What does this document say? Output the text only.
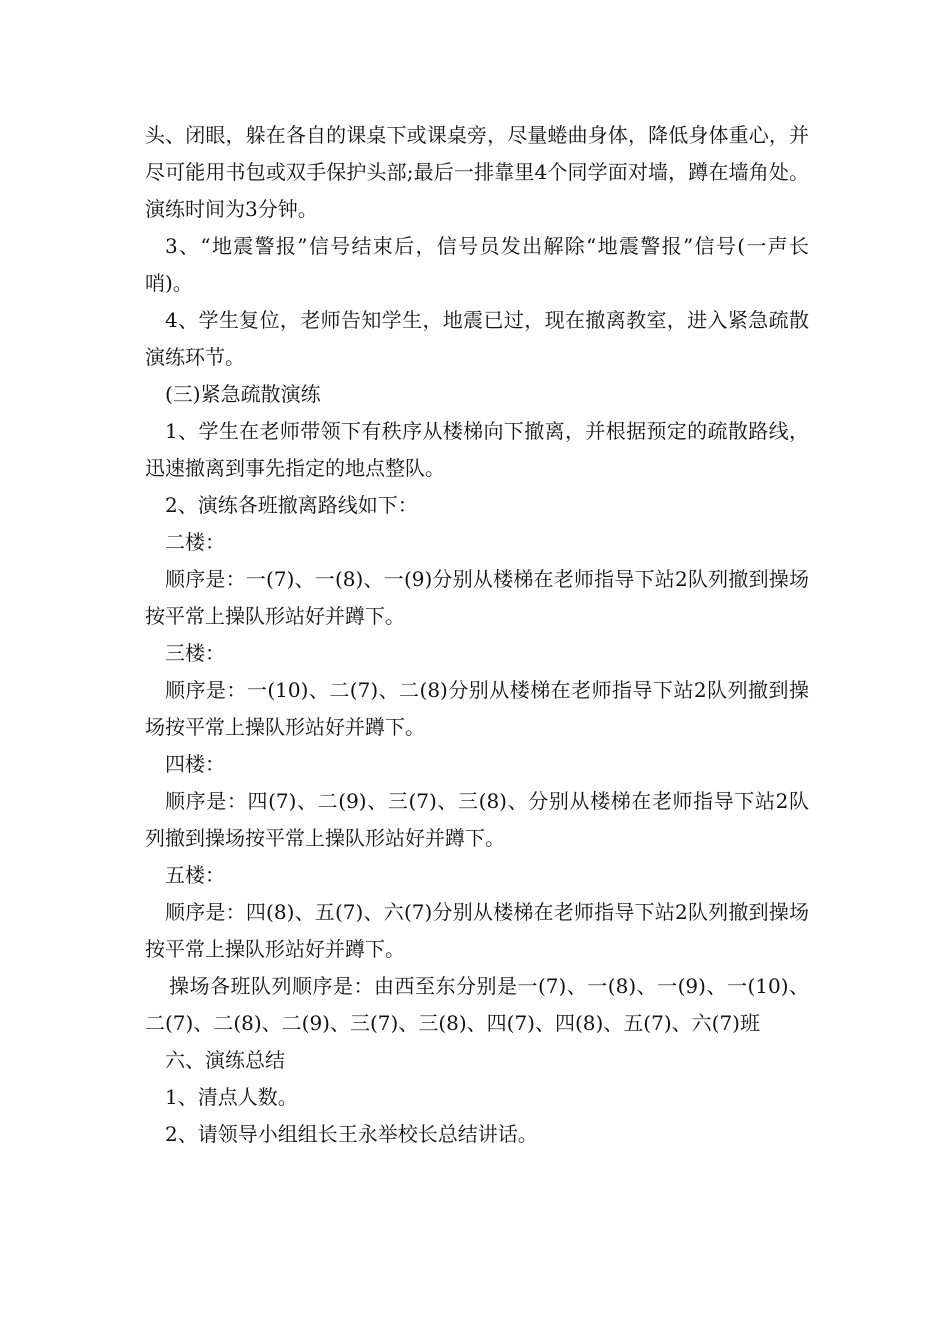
头、闭眼，躲在各自的课桌下或课桌旁，尽量蜷曲身体，降低身体重心，并尽可能用书包或双手保护头部;最后一排靠里4个同学面对墙，蹲在墙角处。演练时间为3分钟。

3、“地震警报”信号结束后，信号员发出解除“地震警报”信号(一声长哨)。

4、学生复位，老师告知学生，地震已过，现在撤离教室，进入紧急疏散演练环节。

(三)紧急疏散演练

1、学生在老师带领下有秩序从楼梯向下撤离，并根据预定的疏散路线，迅速撤离到事先指定的地点整队。

2、演练各班撤离路线如下：

二楼：

顺序是：一(7)、一(8)、一(9)分别从楼梯在老师指导下站2队列撤到操场按平常上操队形站好并蹲下。

三楼：

顺序是：一(10)、二(7)、二(8)分别从楼梯在老师指导下站2队列撤到操场按平常上操队形站好并蹲下。

四楼：

顺序是：四(7)、二(9)、三(7)、三(8)、分别从楼梯在老师指导下站2队列撤到操场按平常上操队形站好并蹲下。

五楼：

顺序是：四(8)、五(7)、六(7)分别从楼梯在老师指导下站2队列撤到操场按平常上操队形站好并蹲下。

操场各班队列顺序是：由西至东分别是一(7)、一(8)、一(9)、一(10)、二(7)、二(8)、二(9)、三(7)、三(8)、四(7)、四(8)、五(7)、六(7)班

六、演练总结

1、清点人数。

2、请领导小组组长王永举校长总结讲话。
